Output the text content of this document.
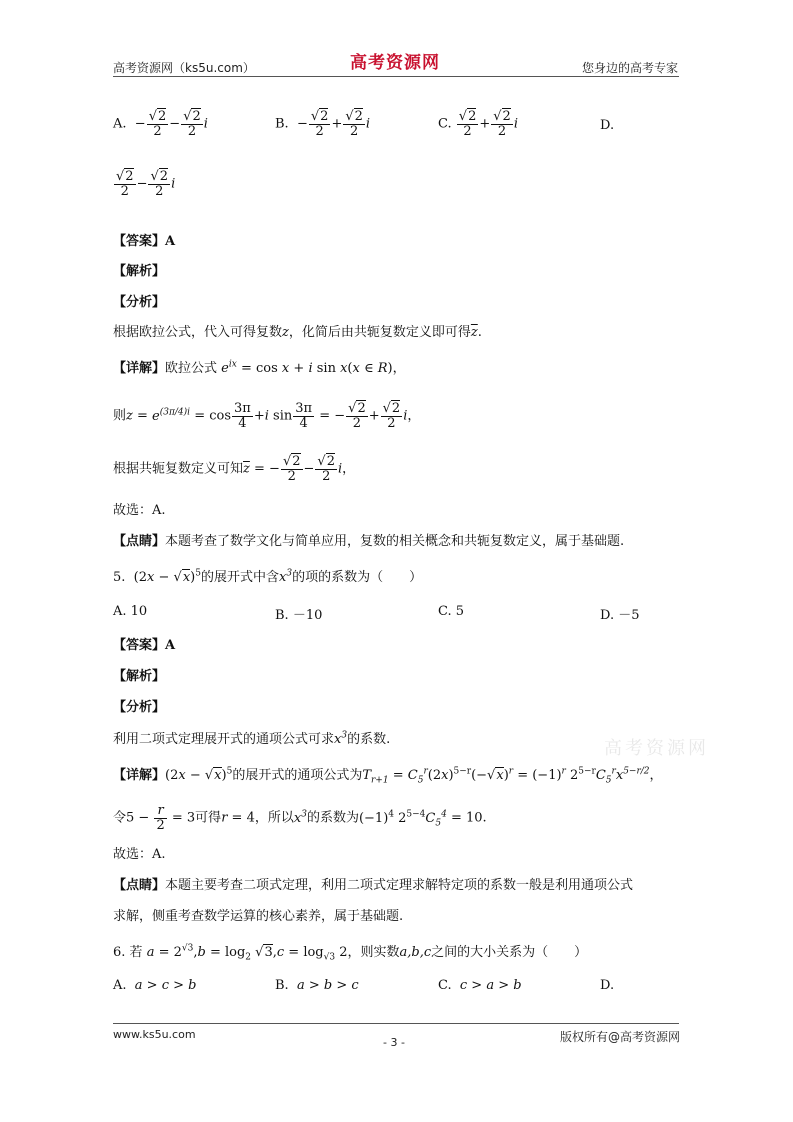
高考资源网（ks5u.com）	高考资源网	您身边的高考专家
A.  − $\frac{√2}{2} - \frac{√2}{2}$ i	B.  − $\frac{√2}{2} + \frac{√2}{2}$ i	C. $\frac{√2}{2} + \frac{√2}{2}$ i	D.
$\frac{√2}{2} - \frac{√2}{2}$ i
【答案】A
【解析】
【分析】
根据欧拉公式，代入可得复数z，化简后由共轭复数定义即可得$\overline{z}$.
【详解】欧拉公式 $e^{ix} = \cos x + i$ sin x(x ∈ R)，
则$z = e^{(3\pi/4)i} = \cos \frac{3\pi}{4} +i$ $\sin \frac{3\pi}{4}$ = − $\frac{√2}{2} + \frac{√2}{2}$ i，
根据共轭复数定义可知$\overline{z}$ = − $\frac{√2}{2} - \frac{√2}{2}$ i，
故选：A.
【点睛】本题考查了数学文化与简单应用，复数的相关概念和共轭复数定义，属于基础题.
5.  $(2x - √x)^5$的展开式中含$x^3$的项的系数为（　　）
A. 10	B. －10	C. 5	D. －5
【答案】A
【解析】
【分析】
利用二项式定理展开式的通项公式可求$x^3$的系数.	高考资源网
【详解】$(2x - √x)^5$的展开式的通项公式为$T_{r+1} = C_5^r(2x)^{5-r}(-√x)^r = (-1)^r$ $2^{5-r}C_5^rx^{5-r/2}$，
令$5 - \frac{r}{2} = 3$可得r = 4，所以$x^3$的系数为$(-1)^4$ $2^{5-4}C_5^4 = 10$.
故选：A.
【点睛】本题主要考查二项式定理，利用二项式定理求解特定项的系数一般是利用通项公式
求解，侧重考查数学运算的核心素养，属于基础题.
6. 若 $a = 2^{√3},b = \log_2 √3,c = \log_{√3} 2$，则实数a,b,c之间的大小关系为（　　）
A.  a > c > b	B.  a > b > c	C.  c > a > b	D.
www.ks5u.com
- 3 -	版权所有@高考资源网
